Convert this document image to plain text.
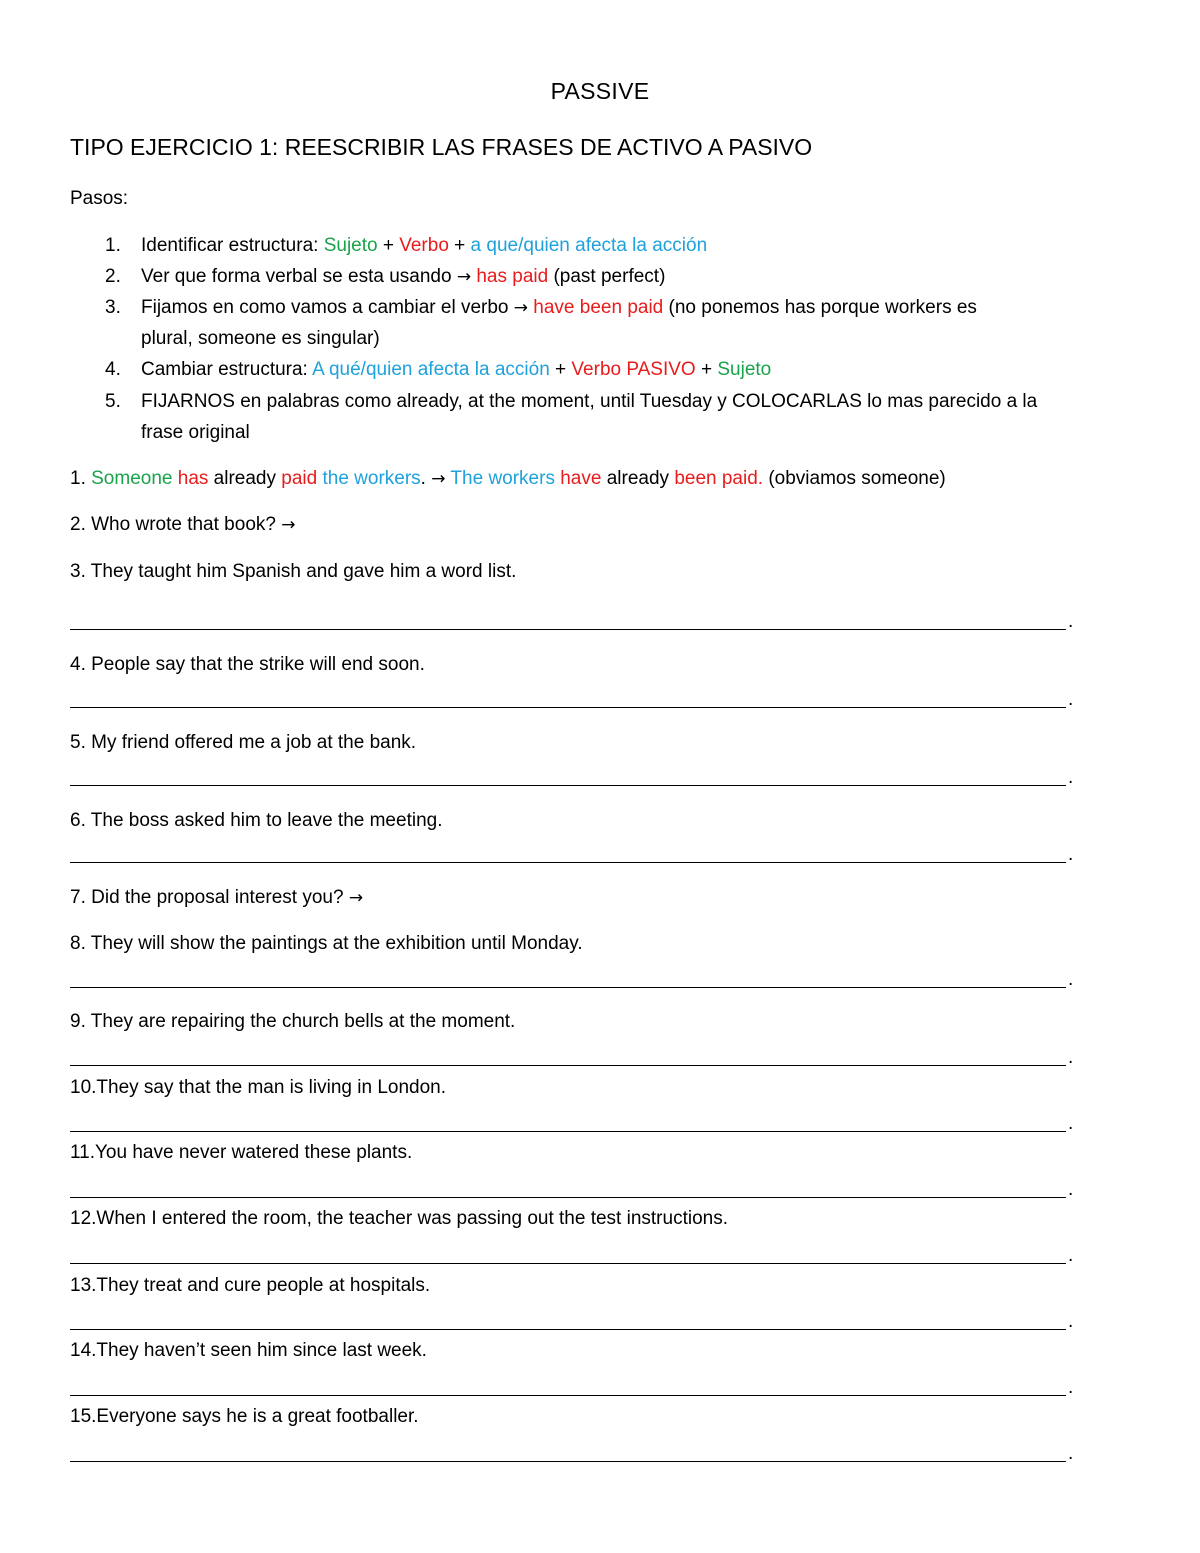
PASSIVE
TIPO EJERCICIO 1: REESCRIBIR LAS FRASES DE ACTIVO A PASIVO

Pasos:

1.	Identificar estructura: Sujeto + Verbo + a que/quien afecta la acción

2.	Ver que forma verbal se esta usando → has paid (past perfect)

3.	Fijamos en como vamos a cambiar el verbo → have been paid (no ponemos has porque workers es

plural, someone es singular)

4.	Cambiar estructura: A qué/quien afecta la acción + Verbo PASIVO + Sujeto

5.	FIJARNOS en palabras como already, at the moment, until Tuesday y COLOCARLAS lo mas parecido a la

frase original

1. Someone has already paid the workers. → The workers have already been paid. (obviamos someone)

2. Who wrote that book? →

3. They taught him Spanish and gave him a word list.

.

4. People say that the strike will end soon.

.

5. My friend offered me a job at the bank.

.

6. The boss asked him to leave the meeting.

.

7. Did the proposal interest you? →

8. They will show the paintings at the exhibition until Monday.

.

9. They are repairing the church bells at the moment.

.

10.They say that the man is living in London.

.

11.You have never watered these plants.

.

12.When I entered the room, the teacher was passing out the test instructions.

.

13.They treat and cure people at hospitals.

.

14.They haven’t seen him since last week.

.

15.Everyone says he is a great footballer.

.
